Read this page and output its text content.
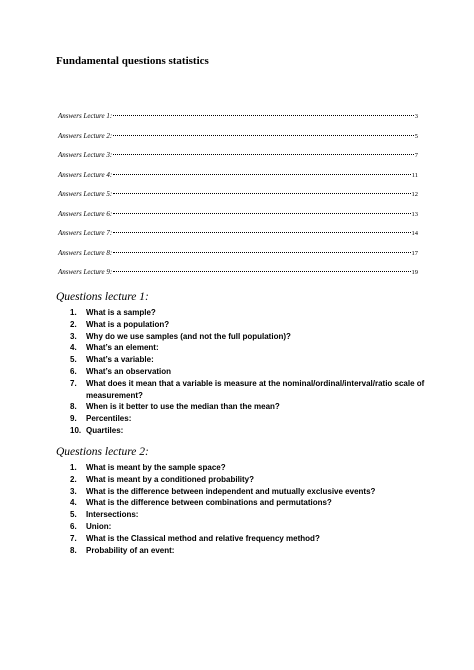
Fundamental questions statistics
Answers Lecture 1:	3
Answers Lecture 2:	5
Answers Lecture 3:	7
Answers Lecture 4:	11
Answers Lecture 5:	12
Answers Lecture 6:	13
Answers Lecture 7:	14
Answers Lecture 8:	17
Answers Lecture 9:	19
Questions lecture 1:
1.	What is a sample?
2.	What is a population?
3.	Why do we use samples (and not the full population)?
4.	What’s an element:
5.	What’s a variable:
6.	What’s an observation
7.	What does it mean that a variable is measure at the nominal/ordinal/interval/ratio scale of measurement?
8.	When is it better to use the median than the mean?
9.	Percentiles:
10. Quartiles:
Questions lecture 2:
1.	What is meant by the sample space?
2.	What is meant by a conditioned probability?
3.	What is the difference between independent and mutually exclusive events?
4.	What is the difference between combinations and permutations?
5.	Intersections:
6.	Union:
7.	What is the Classical method and relative frequency method?
8.	Probability of an event:
